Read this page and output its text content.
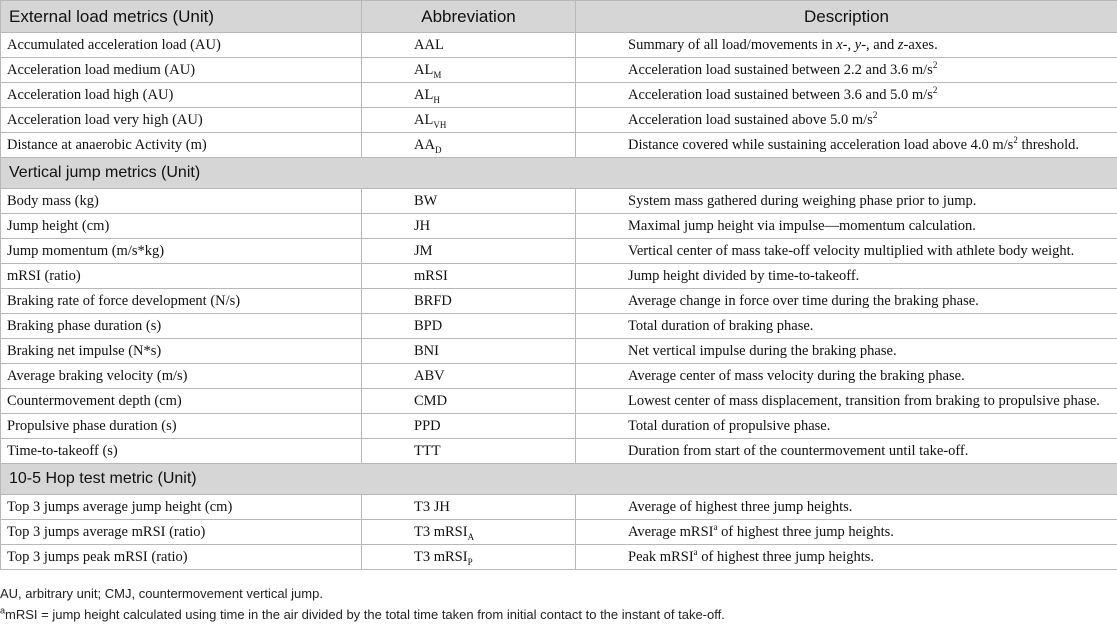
External load metrics (Unit)	Abbreviation	Description
Accumulated acceleration load (AU)	AAL	Summary of all load/movements in x-, y-, and z-axes.
Acceleration load medium (AU)	$AL_M$	Acceleration load sustained between 2.2 and 3.6 $m/s^2$
Acceleration load high (AU)	$AL_H$	Acceleration load sustained between 3.6 and 5.0 $m/s^2$
Acceleration load very high (AU)	$AL_{VH}$	Acceleration load sustained above 5.0 $m/s^2$
Distance at anaerobic Activity (m)	$AA_D$	Distance covered while sustaining acceleration load above 4.0 $m/s^2$ threshold.
Vertical jump metrics (Unit)		
Body mass (kg)	BW	System mass gathered during weighing phase prior to jump.
Jump height (cm)	JH	Maximal jump height via impulse—momentum calculation.
Jump momentum (m/s*kg)	JM	Vertical center of mass take-off velocity multiplied with athlete body weight.
mRSI (ratio)	mRSI	Jump height divided by time-to-takeoff.
Braking rate of force development (N/s)	BRFD	Average change in force over time during the braking phase.
Braking phase duration (s)	BPD	Total duration of braking phase.
Braking net impulse (N*s)	BNI	Net vertical impulse during the braking phase.
Average braking velocity (m/s)	ABV	Average center of mass velocity during the braking phase.
Countermovement depth (cm)	CMD	Lowest center of mass displacement, transition from braking to propulsive phase.
Propulsive phase duration (s)	PPD	Total duration of propulsive phase.
Time-to-takeoff (s)	TTT	Duration from start of the countermovement until take-off.
10-5 Hop test metric (Unit)		
Top 3 jumps average jump height (cm)	T3 JH	Average of highest three jump heights.
Top 3 jumps average mRSI (ratio)	T3 mRSI$_A$	Average mRSI$^a$ of highest three jump heights.
Top 3 jumps peak mRSI (ratio)	T3 mRSI$_P$	Peak mRSI$^a$ of highest three jump heights.

AU, arbitrary unit; CMJ, countermovement vertical jump.

$^a$mRSI = jump height calculated using time in the air divided by the total time taken from initial contact to the instant of take-off.
